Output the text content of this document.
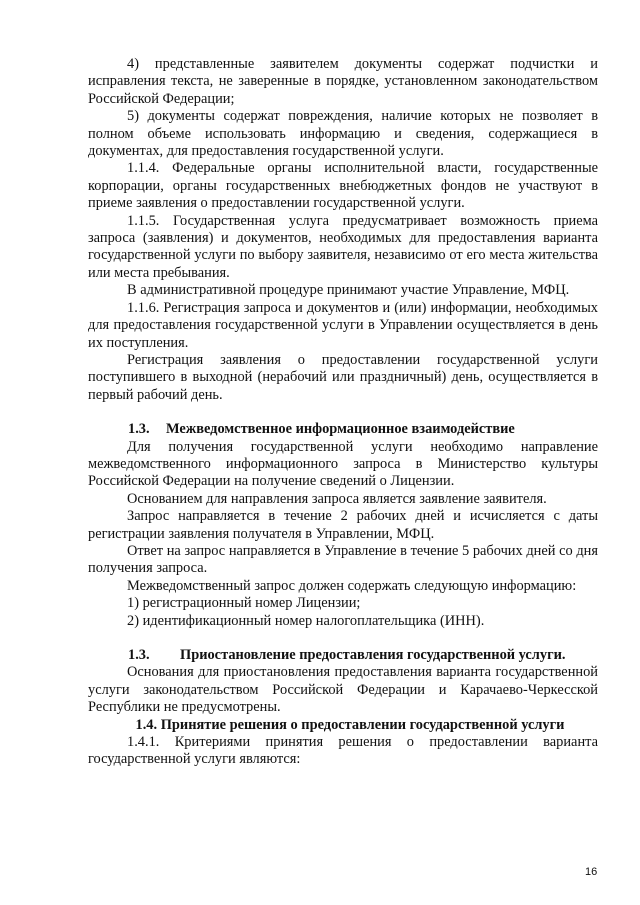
4) представленные заявителем документы содержат подчистки и исправления текста, не заверенные в порядке, установленном законодательством Российской Федерации;

5) документы содержат повреждения, наличие которых не позволяет в полном объеме использовать информацию и сведения, содержащиеся в документах, для предоставления государственной услуги.

1.1.4. Федеральные органы исполнительной власти, государственные корпорации, органы государственных внебюджетных фондов не участвуют в приеме заявления о предоставлении государственной услуги.

1.1.5. Государственная услуга предусматривает возможность приема запроса (заявления) и документов, необходимых для предоставления варианта государственной услуги по выбору заявителя, независимо от его места жительства или места пребывания.

В административной процедуре принимают участие Управление, МФЦ.

1.1.6. Регистрация запроса и документов и (или) информации, необходимых для предоставления государственной услуги в Управлении осуществляется в день их поступления.

Регистрация заявления о предоставлении государственной услуги поступившего в выходной (нерабочий или праздничный) день, осуществляется в первый рабочий день.

1.3. Межведомственное информационное взаимодействие

Для получения государственной услуги необходимо направление межведомственного информационного запроса в Министерство культуры Российской Федерации на получение сведений о Лицензии.

Основанием для направления запроса является заявление заявителя.

Запрос направляется в течение 2 рабочих дней и исчисляется с даты регистрации заявления получателя в Управлении, МФЦ.

Ответ на запрос направляется в Управление в течение 5 рабочих дней со дня получения запроса.

Межведомственный запрос должен содержать следующую информацию:

1) регистрационный номер Лицензии;

2) идентификационный номер налогоплательщика (ИНН).

1.3. Приостановление предоставления государственной услуги.

Основания для приостановления предоставления варианта государственной услуги законодательством Российской Федерации и Карачаево-Черкесской Республики не предусмотрены.

1.4. Принятие решения о предоставлении государственной услуги

1.4.1. Критериями принятия решения о предоставлении варианта государственной услуги являются:

16
